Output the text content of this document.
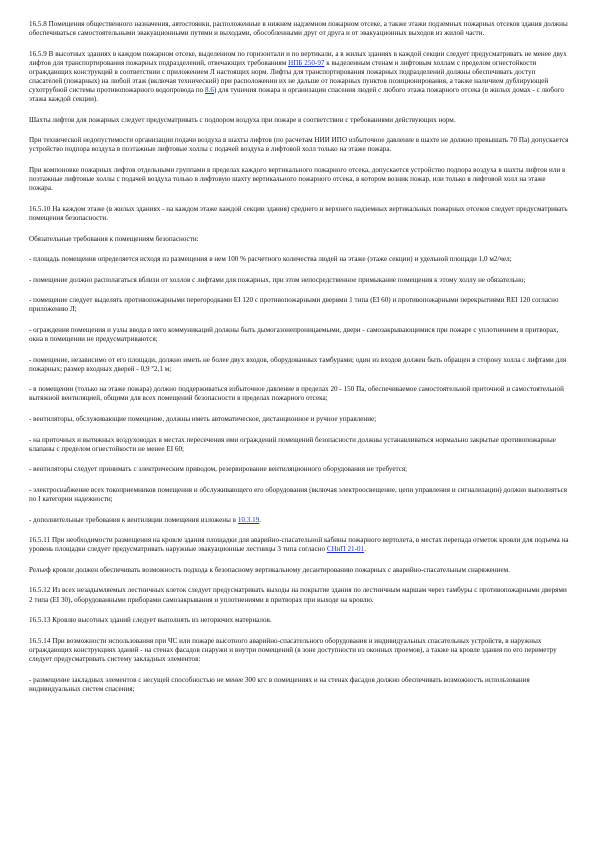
16.5.8 Помещения общественного назначения, автостоянки, расположенные в нижнем надземном пожарном отсеке, а также этажи подземных пожарных отсеков здания должны обеспечиваться самостоятельными эвакуационными путями и выходами, обособленными друг от друга и от эвакуационных выходов из жилой части.

16.5.9 В высотных зданиях в каждом пожарном отсеке, выделенном по горизонтали и по вертикали, а в жилых зданиях в каждой секции следует предусматривать не менее двух лифтов для транспортирования пожарных подразделений, отвечающих требованиям НПБ 250-97 к выделенным стенам и лифтовым холлам с пределом огнестойкости ограждающих конструкций в соответствии с приложением Л настоящих норм. Лифты для транспортирования пожарных подразделений должны обеспечивать доступ спасателей (пожарных) на любой этаж (включая технический) при расположении их не дальше от пожарных пунктов позиционирования, а также наличием дублирующей сухотрубной системы противопожарного водопровода по 8.6) для тушения пожара и организации спасения людей с любого этажа пожарного отсека (в жилых домах - с любого этажа каждой секции).

Шахты лифтов для пожарных следует предусматривать с подпором воздуха при пожаре в соответствии с требованиями действующих норм.

При технической недопустимости организации подачи воздуха в шахты лифтов (по расчетам НИИ ИПО избыточное давление в шахте не должно превышать 70 Па) допускается устройство подпора воздуха в поэтажные лифтовые холлы с подачей воздуха в лифтовой холл только на этаже пожара.

При компоновке пожарных лифтов отдельными группами в пределах каждого вертикального пожарного отсека, допускается устройство подпора воздуха в шахты лифтов или в поэтажные лифтовые холлы с подачей воздуха только в лифтовую шахту вертикального пожарного отсека, в котором возник пожар, или только в лифтовой холл на этаже пожара.

16.5.10 На каждом этаже (в жилых зданиях - на каждом этаже каждой секции здания) среднего и верхнего надземных вертикальных пожарных отсеков следует предусматривать помещения безопасности.

Обязательные требования к помещениям безопасности:

- площадь помещения определяется исходя из размещения в нем 100 % расчетного количества людей на этаже (этаже секции) и удельной площади 1,0 м2/чел;

- помещение должно располагаться вблизи от холлов с лифтами для пожарных, при этом непосредственное примыкание помещения к этому холлу не обязательно;

- помещение следует выделять противопожарными перегородками EI 120 с противопожарными дверями 1 типа (EI 60) и противопожарными перекрытиями REI 120 согласно приложению Л;

- ограждения помещения и узлы ввода в него коммуникаций должны быть дымогазонепроницаемыми, двери - самозакрывающимися при пожаре с уплотнением в притворах, окна в помещении не предусматриваются;

- помещение, независимо от его площади, должно иметь не более двух входов, оборудованных тамбурами; один из входов должен быть обращен в сторону холла с лифтами для пожарных; размер входных дверей - 0,9 ˟2,1 м;

- в помещении (только на этаже пожара) должно поддерживаться избыточное давление в пределах 20 - 150 Па, обеспечиваемое самостоятельной приточной и самостоятельной вытяжной вентиляцией, общими для всех помещений безопасности в пределах пожарного отсека;

- вентиляторы, обслуживающие помещение, должны иметь автоматическое, дистанционное и ручное управление;

- на приточных и вытяжных воздуховодах в местах пересечения ими ограждений помещений безопасности должны устанавливаться нормально закрытые противопожарные клапаны с пределом огнестойкости не менее EI 60;

- вентиляторы следует принимать с электрическим приводом, резервирование вентиляционного оборудования не требуется;

- электроснабжение всех токоприемников помещения и обслуживающего его оборудования (включая электроосвещение, цепи управления и сигнализации) должно выполняться по I категории надежности;

- дополнительные требования к вентиляции помещения изложены в 10.3.19.

16.5.11 При необходимости размещения на кровле здания площадки для аварийно-спасательной кабины пожарного вертолета, в местах перепада отметок кровли для подъема на уровень площадки следует предусматривать наружные эвакуационные лестницы 3 типа согласно СНиП 21-01.

Рельеф кровли должен обеспечивать возможность подхода к безопасному вертикальному десантированию пожарных с аварийно-спасательным снаряжением.

16.5.12 Из всех незадымляемых лестничных клеток следует предусматривать выходы на покрытие здания по лестничным маршам через тамбуры с противопожарными дверями 2 типа (EI 30), оборудованными приборами самозакрывания и уплотнениями в притворах при выходе на кровлю.

16.5.13 Кровлю высотных зданий следует выполнять из негорючих материалов.

16.5.14 При возможности использования при ЧС или пожаре высотного аварийно-спасательного оборудования и индивидуальных спасательных устройств, в наружных ограждающих конструкциях зданий - на стенах фасадов снаружи и внутри помещений (в зоне доступности из оконных проемов), а также на кровле здания по его периметру следует предусматривать систему закладных элементов:

- размещение закладных элементов с несущей способностью не менее 300 кгс в помещениях и на стенах фасадов должно обеспечивать возможность использования индивидуальных систем спасения;
